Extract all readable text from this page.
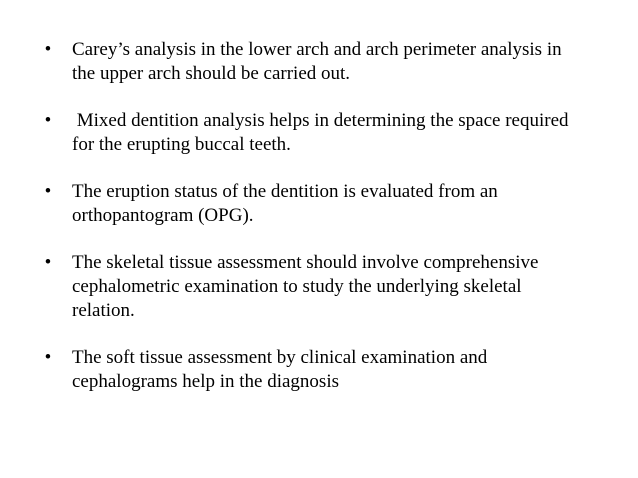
• Carey’s analysis in the lower arch and arch perimeter analysis in the upper arch should be carried out.
• Mixed dentition analysis helps in determining the space required for the erupting buccal teeth.
• The eruption status of the dentition is evaluated from an orthopantogram (OPG).
• The skeletal tissue assessment should involve comprehensive cephalometric examination to study the underlying skeletal relation.
• The soft tissue assessment by clinical examination and cephalograms help in the diagnosis
